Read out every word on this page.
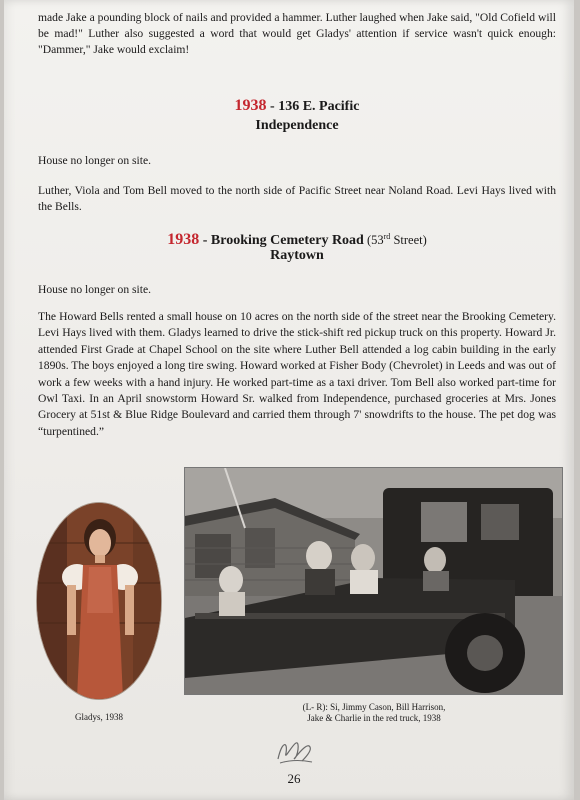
made Jake a pounding block of nails and provided a hammer. Luther laughed when Jake said, "Old Cofield will be mad!" Luther also suggested a word that would get Gladys' attention if service wasn't quick enough: "Dammer," Jake would exclaim!
1938 - 136 E. Pacific
Independence
House no longer on site.
Luther, Viola and Tom Bell moved to the north side of Pacific Street near Noland Road. Levi Hays lived with the Bells.
1938 - Brooking Cemetery Road (53rd Street)
Raytown
House no longer on site.
The Howard Bells rented a small house on 10 acres on the north side of the street near the Brooking Cemetery. Levi Hays lived with them. Gladys learned to drive the stick-shift red pickup truck on this property. Howard Jr. attended First Grade at Chapel School on the site where Luther Bell attended a log cabin building in the early 1890s. The boys enjoyed a long tire swing. Howard worked at Fisher Body (Chevrolet) in Leeds and was out of work a few weeks with a hand injury. He worked part-time as a taxi driver. Tom Bell also worked part-time for Owl Taxi. In an April snowstorm Howard Sr. walked from Independence, purchased groceries at Mrs. Jones Grocery at 51st & Blue Ridge Boulevard and carried them through 7' snowdrifts to the house. The pet dog was “turpentined.”
Gladys, 1938
(L- R): Si, Jimmy Cason, Bill Harrison,
Jake & Charlie in the red truck, 1938
26
